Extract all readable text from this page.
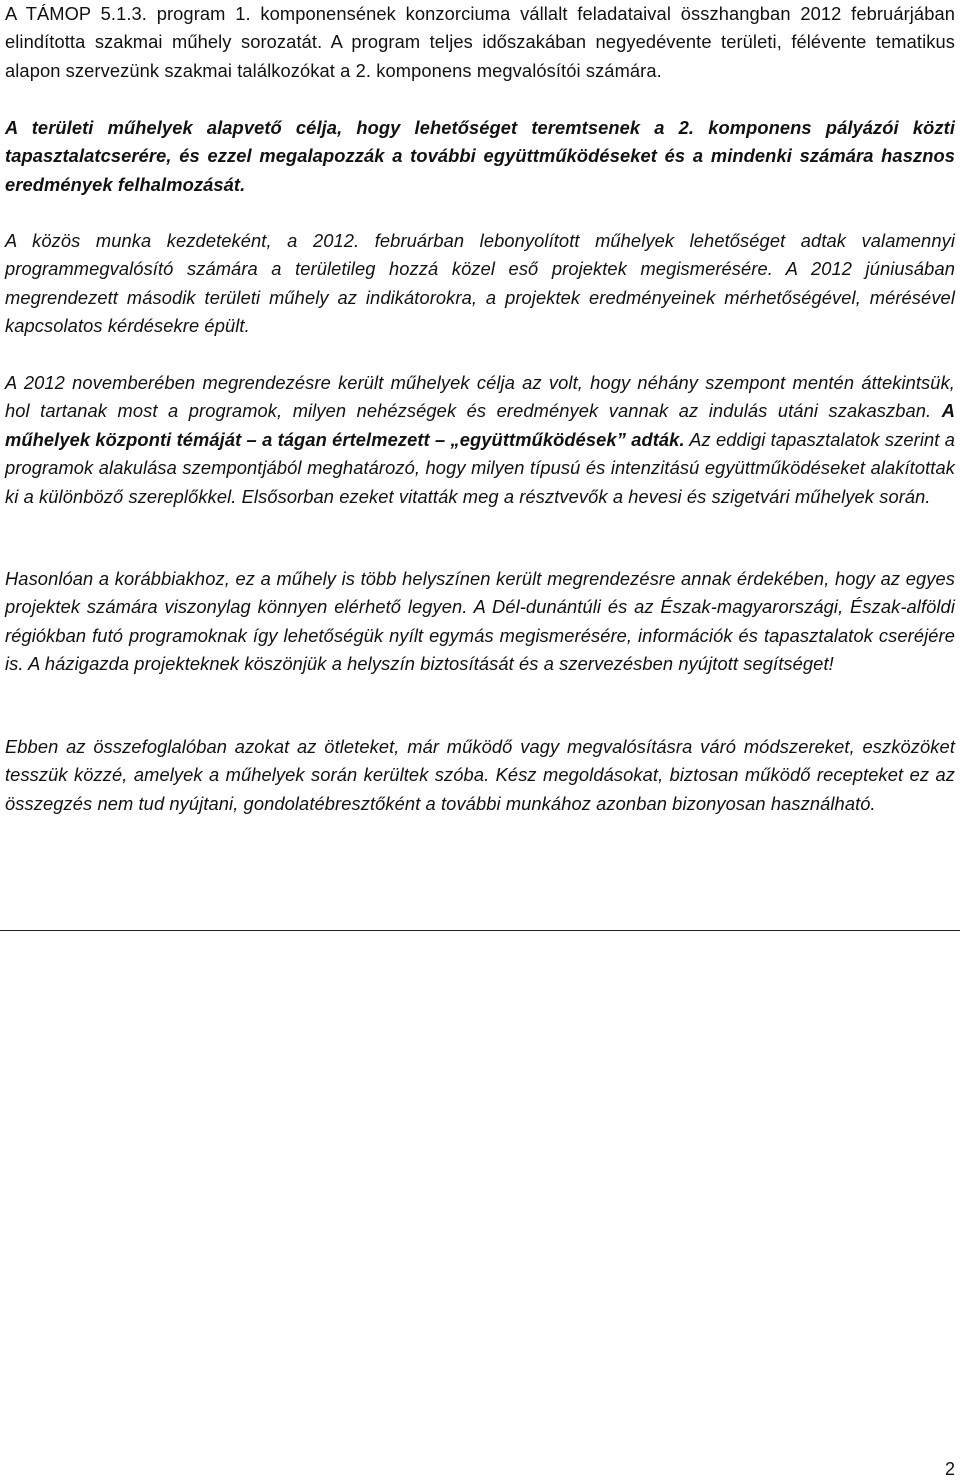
A TÁMOP 5.1.3. program 1. komponensének konzorciuma vállalt feladataival összhangban 2012 februárjában elindította szakmai műhely sorozatát. A program teljes időszakában negyedévente területi, félévente tematikus alapon szervezünk szakmai találkozókat a 2. komponens megvalósítói számára.

A területi műhelyek alapvető célja, hogy lehetőséget teremtsenek a 2. komponens pályázói közti tapasztalatcserére, és ezzel megalapozzák a további együttműködéseket és a mindenki számára hasznos eredmények felhalmozását.

A közös munka kezdeteként, a 2012. februárban lebonyolított műhelyek lehetőséget adtak valamennyi programmegvalósító számára a területileg hozzá közel eső projektek megismerésére. A 2012 júniusában megrendezett második területi műhely az indikátorokra, a projektek eredményeinek mérhetőségével, mérésével kapcsolatos kérdésekre épült.

A 2012 novemberében megrendezésre került műhelyek célja az volt, hogy néhány szempont mentén áttekintsük, hol tartanak most a programok, milyen nehézségek és eredmények vannak az indulás utáni szakaszban. A műhelyek központi témáját – a tágan értelmezett – „együttműködések” adták. Az eddigi tapasztalatok szerint a programok alakulása szempontjából meghatározó, hogy milyen típusú és intenzitású együttműködéseket alakítottak ki a különböző szereplőkkel. Elsősorban ezeket vitatták meg a résztvevők a hevesi és szigetvári műhelyek során.

Hasonlóan a korábbiakhoz, ez a műhely is több helyszínen került megrendezésre annak érdekében, hogy az egyes projektek számára viszonylag könnyen elérhető legyen. A Dél-dunántúli és az Észak-magyarországi, Észak-alföldi régiókban futó programoknak így lehetőségük nyílt egymás megismerésére, információk és tapasztalatok cseréjére is. A házigazda projekteknek köszönjük a helyszín biztosítását és a szervezésben nyújtott segítséget!

Ebben az összefoglalóban azokat az ötleteket, már működő vagy megvalósításra váró módszereket, eszközöket tesszük közzé, amelyek a műhelyek során kerültek szóba. Kész megoldásokat, biztosan működő recepteket ez az összegzés nem tud nyújtani, gondolatébresztőként a további munkához azonban bizonyosan használható.

2
